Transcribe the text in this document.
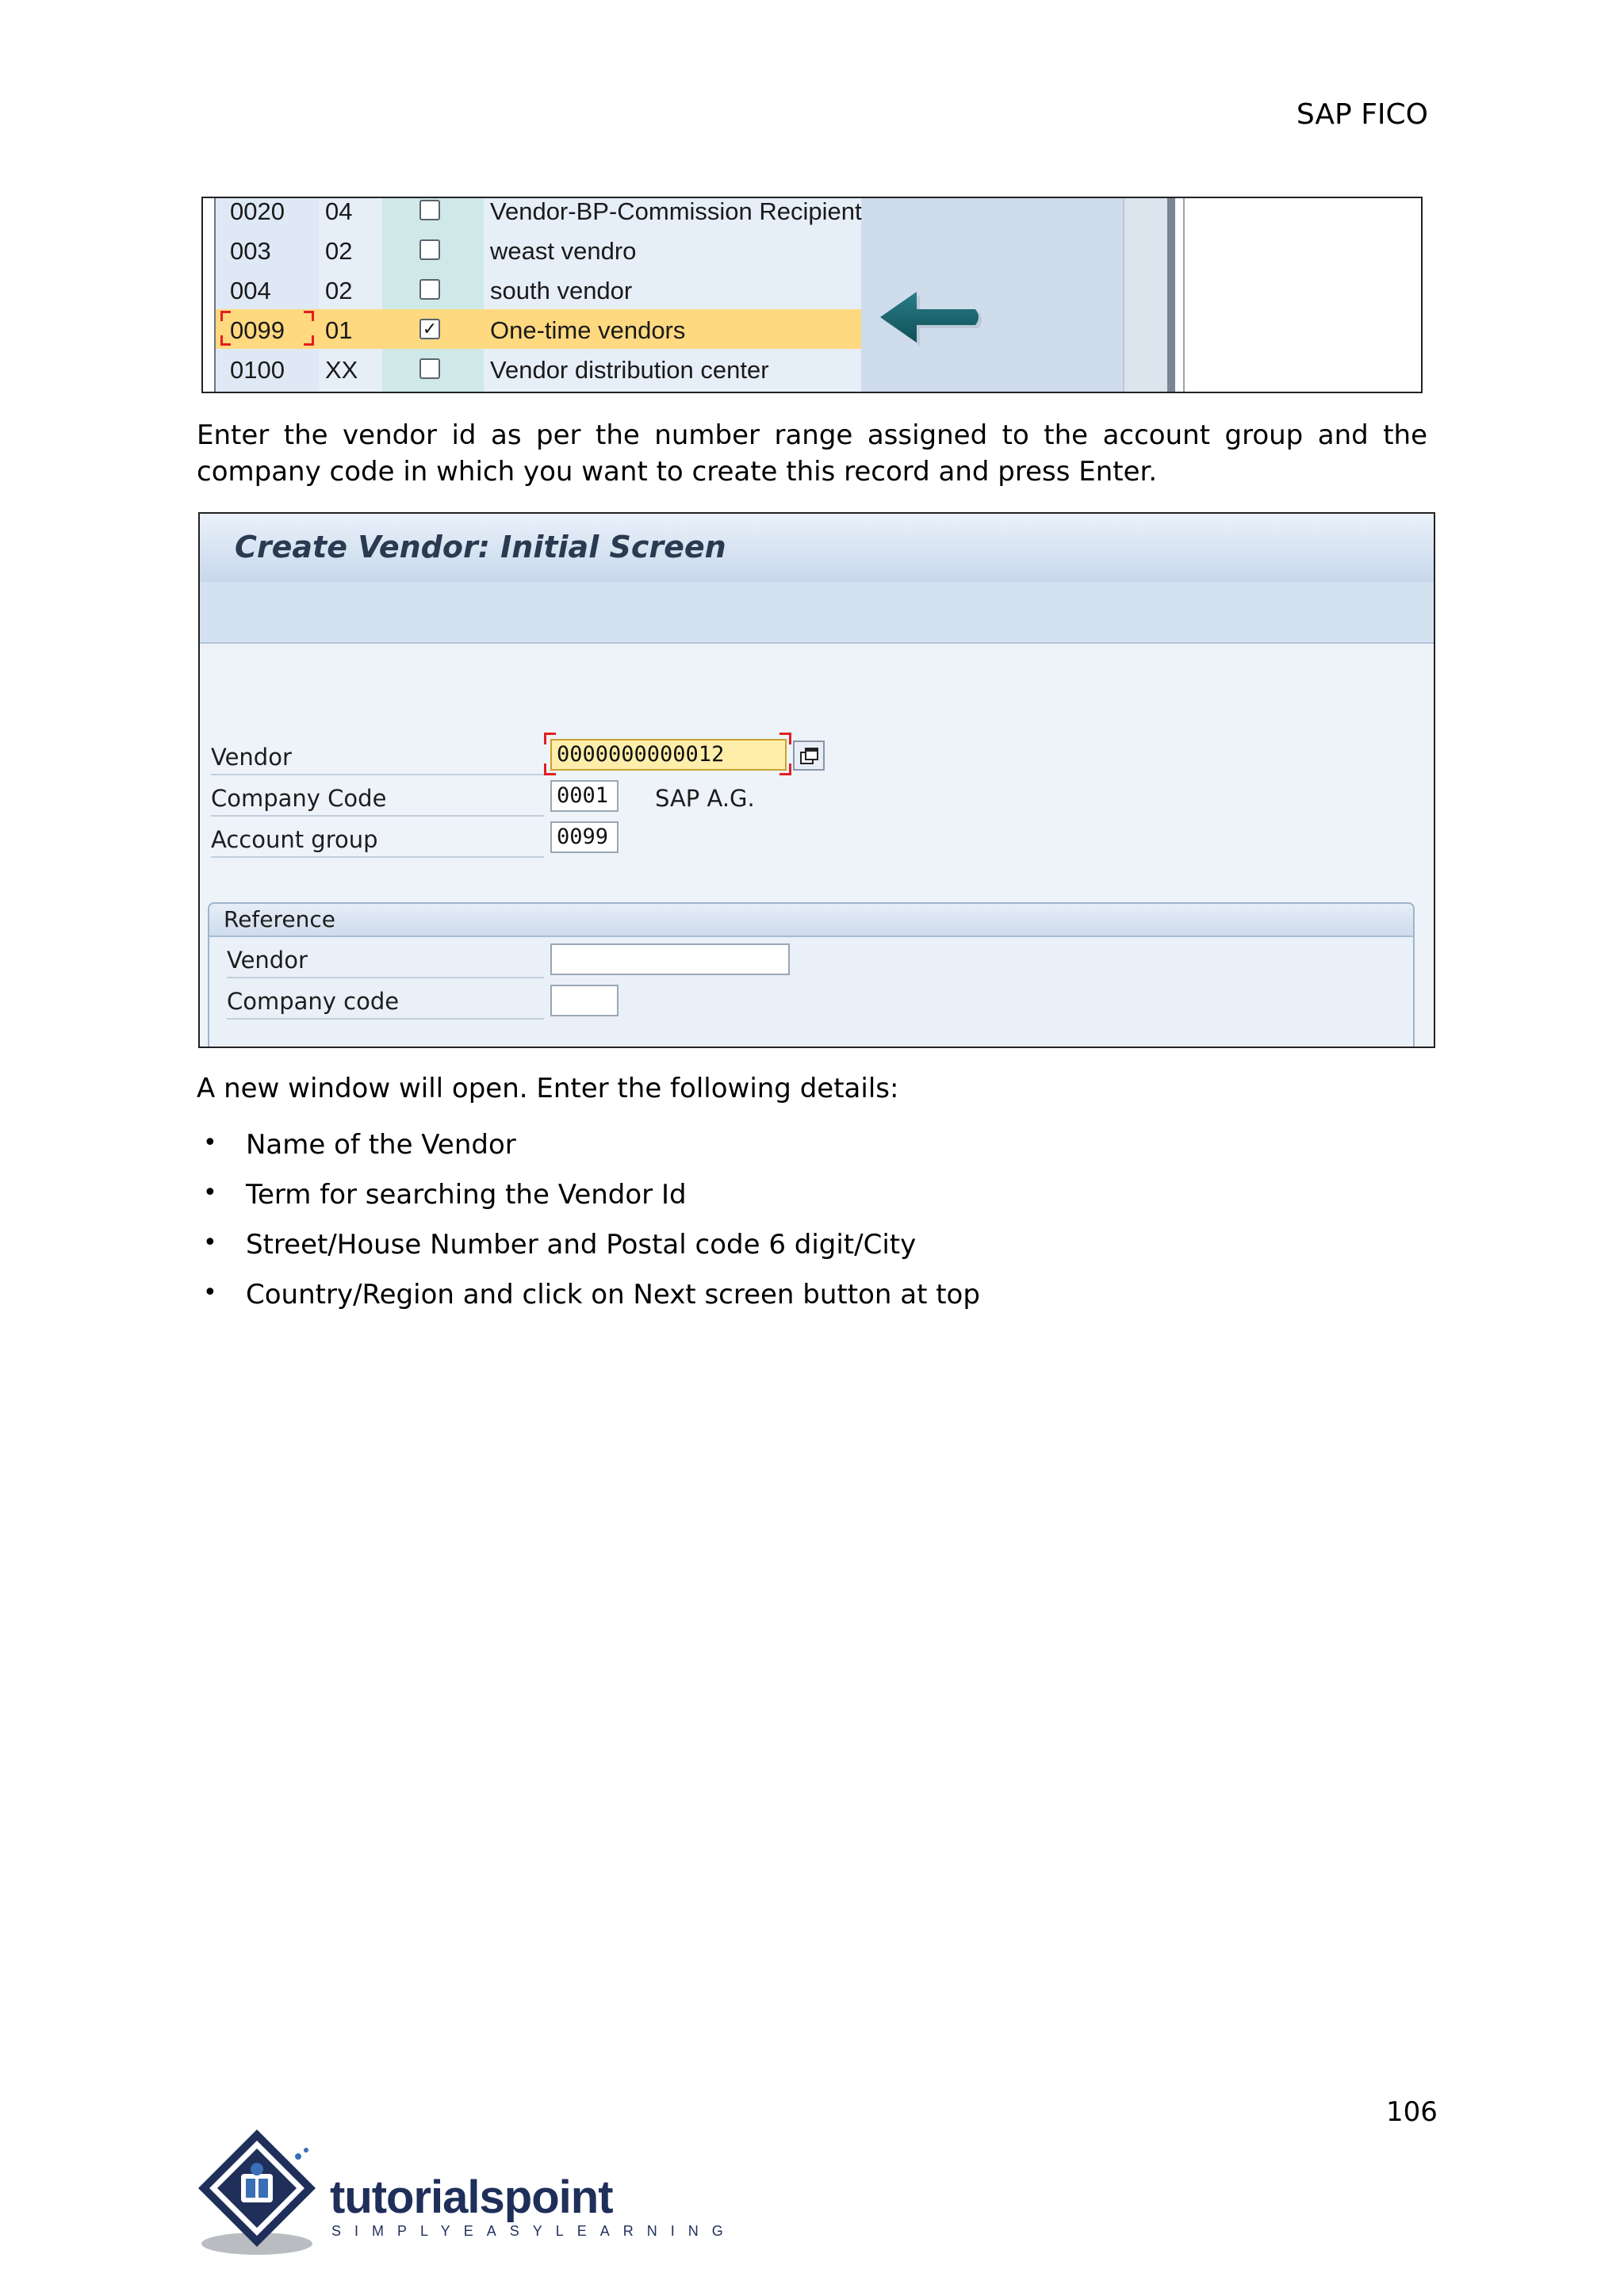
SAP FICO
0020 04	Vendor-BP-Commission Recipient
003 02	weast vendro
004 02	south vendor
0099 01	✓ One-time vendors
0100 XX	Vendor distribution center
Enter the vendor id as per the number range assigned to the account group and the company code in which you want to create this record and press Enter.
Create Vendor: Initial Screen
Vendor	0000000000012
Company Code	0001	SAP A.G.
Account group	0099
Reference
Vendor
Company code
A new window will open. Enter the following details:
• Name of the Vendor
• Term for searching the Vendor Id
• Street/House Number and Postal code 6 digit/City
• Country/Region and click on Next screen button at top
106
tutorialspoint
SIMPLYEASYLEARNING
